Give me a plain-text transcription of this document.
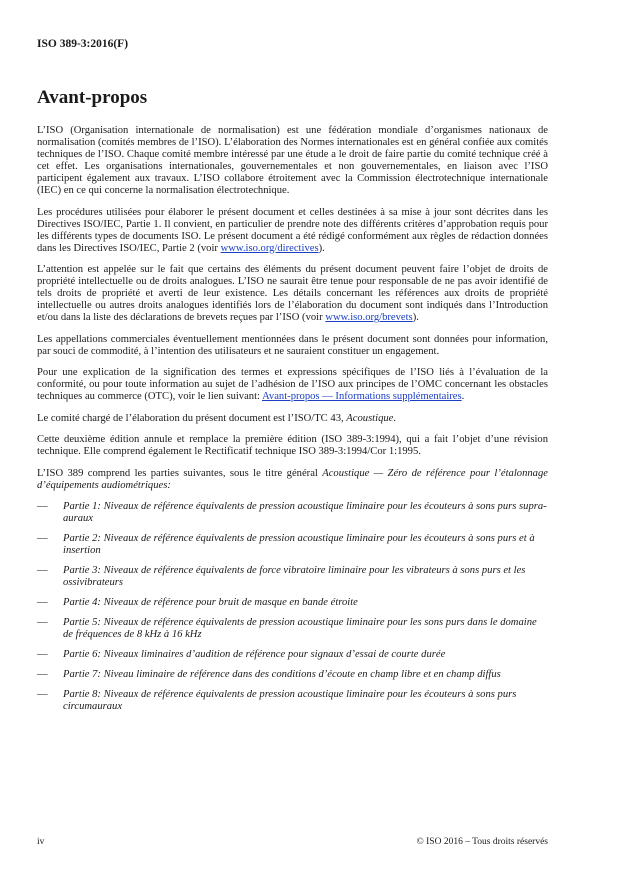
ISO 389-3:2016(F)
Avant-propos

L’ISO (Organisation internationale de normalisation) est une fédération mondiale d’organismes nationaux de normalisation (comités membres de l’ISO). L’élaboration des Normes internationales est en général confiée aux comités techniques de l’ISO. Chaque comité membre intéressé par une étude a le droit de faire partie du comité technique créé à cet effet. Les organisations internationales, gouvernementales et non gouvernementales, en liaison avec l’ISO participent également aux travaux. L’ISO collabore étroitement avec la Commission électrotechnique internationale (IEC) en ce qui concerne la normalisation électrotechnique.

Les procédures utilisées pour élaborer le présent document et celles destinées à sa mise à jour sont décrites dans les Directives ISO/IEC, Partie 1. Il convient, en particulier de prendre note des différents critères d’approbation requis pour les différents types de documents ISO. Le présent document a été rédigé conformément aux règles de rédaction données dans les Directives ISO/IEC, Partie 2 (voir www.iso.org/directives).

L’attention est appelée sur le fait que certains des éléments du présent document peuvent faire l’objet de droits de propriété intellectuelle ou de droits analogues. L’ISO ne saurait être tenue pour responsable de ne pas avoir identifié de tels droits de propriété et averti de leur existence. Les détails concernant les références aux droits de propriété intellectuelle ou autres droits analogues identifiés lors de l’élaboration du document sont indiqués dans l’Introduction et/ou dans la liste des déclarations de brevets reçues par l’ISO (voir www.iso.org/brevets).

Les appellations commerciales éventuellement mentionnées dans le présent document sont données pour information, par souci de commodité, à l’intention des utilisateurs et ne sauraient constituer un engagement.

Pour une explication de la signification des termes et expressions spécifiques de l’ISO liés à l’évaluation de la conformité, ou pour toute information au sujet de l’adhésion de l’ISO aux principes de l’OMC concernant les obstacles techniques au commerce (OTC), voir le lien suivant: Avant-propos — Informations supplémentaires.

Le comité chargé de l’élaboration du présent document est l’ISO/TC 43, Acoustique.

Cette deuxième édition annule et remplace la première édition (ISO 389-3:1994), qui a fait l’objet d’une révision technique. Elle comprend également le Rectificatif technique ISO 389-3:1994/Cor 1:1995.

L’ISO 389 comprend les parties suivantes, sous le titre général Acoustique — Zéro de référence pour l’étalonnage d’équipements audiométriques:

— Partie 1: Niveaux de référence équivalents de pression acoustique liminaire pour les écouteurs à sons purs supra-auraux
— Partie 2: Niveaux de référence équivalents de pression acoustique liminaire pour les écouteurs à sons purs et à insertion
— Partie 3: Niveaux de référence équivalents de force vibratoire liminaire pour les vibrateurs à sons purs et les ossivibrateurs
— Partie 4: Niveaux de référence pour bruit de masque en bande étroite
— Partie 5: Niveaux de référence équivalents de pression acoustique liminaire pour les sons purs dans le domaine de fréquences de 8 kHz à 16 kHz
— Partie 6: Niveaux liminaires d’audition de référence pour signaux d’essai de courte durée
— Partie 7: Niveau liminaire de référence dans des conditions d’écoute en champ libre et en champ diffus
— Partie 8: Niveaux de référence équivalents de pression acoustique liminaire pour les écouteurs à sons purs circumauraux
iv	© ISO 2016 – Tous droits réservés
